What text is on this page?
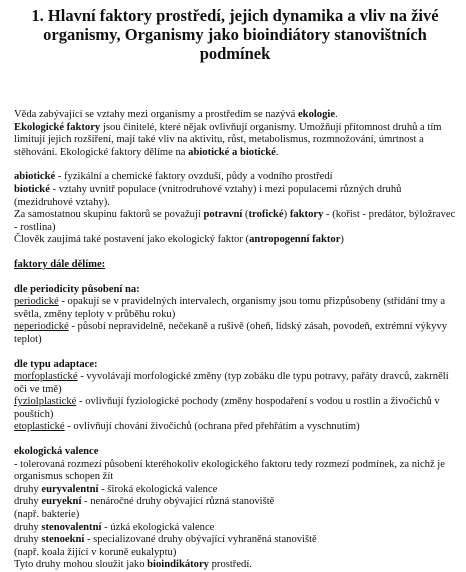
1. Hlavní faktory prostředí, jejich dynamika a vliv na živé organismy, Organismy jako bioindiátory stanovištních podmínek

Věda zabývající se vztahy mezi organismy a prostředím se nazývá ekologie.

Ekologické faktory jsou činitelé, které nějak ovlivňují organismy. Umožňují přítomnost druhů a tím limitují jejich rozšíření, mají také vliv na aktivitu, růst, metabolismus, rozmnožování, úmrtnost a stěhování. Ekologické faktory dělíme na abiotické a biotické.

abiotické - fyzikální a chemické faktory ovzduší, půdy a vodního prostředí

biotické - vztahy uvnitř populace (vnitrodruhové vztahy) i mezi populacemi různých druhů (mezidruhové vztahy).

Za samostatnou skupinu faktorů se považují potravní (trofické) faktory - (kořist - predátor, býložravec - rostlina)

Člověk zaujímá také postavení jako ekologický faktor (antropogenní faktor)

faktory dále dělíme:

dle periodicity působení na:

periodické - opakují se v pravidelných intervalech, organismy jsou tomu přizpůsobeny (střídání tmy a světla, změny teploty v průběhu roku)

neperiodické - působí nepravidelně, nečekaně a rušivě (oheň, lidský zásah, povodeň, extrémní výkyvy teplot)

dle typu adaptace:

morfoplastické - vyvolávají morfologické změny (typ zobáku dle typu potravy, pařáty dravců, zakrnělí oči ve tmě)

fyziolplastické - ovlivňují fyziologické pochody (změny hospodaření s vodou u rostlin a živočichů v pouštích)

etoplastické - ovlivňují chování živočichů (ochrana před přehřátím a vyschnutím)

ekologická valence

- tolerovaná rozmezí působení kteréhokoliv ekologického faktoru tedy rozmezí podmínek, za nichž je organismus schopen žít

druhy euryvalentní - široká ekologická valence

druhy euryekní - nenáročné druhy obývající různá stanoviště

(např. bakterie)

druhy stenovalentní - úzká ekologická valence

druhy stenoekní - specializované druhy obývající vyhraněná stanoviště

(např. koala žijící v koruně eukalyptu)

Tyto druhy mohou sloužit jako bioindikátory prostředí.
